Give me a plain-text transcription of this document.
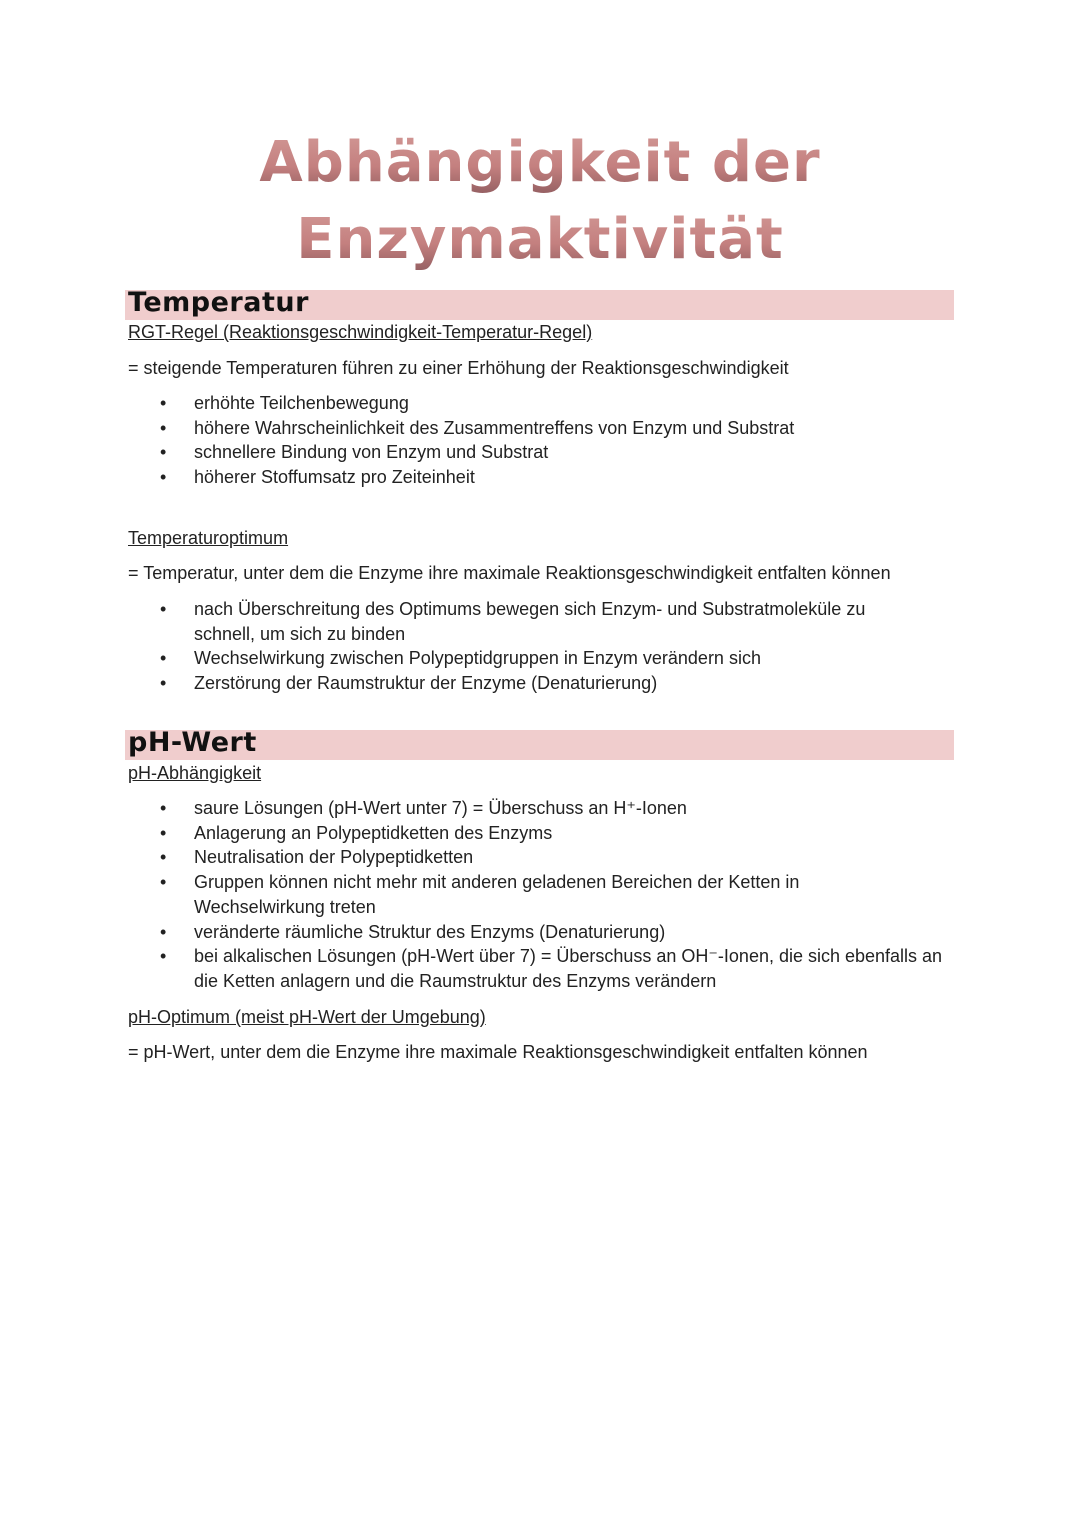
Abhängigkeit der
Enzymaktivität
Temperatur
RGT-Regel (Reaktionsgeschwindigkeit-Temperatur-Regel)
= steigende Temperaturen führen zu einer Erhöhung der Reaktionsgeschwindigkeit
• erhöhte Teilchenbewegung
• höhere Wahrscheinlichkeit des Zusammentreffens von Enzym und Substrat
• schnellere Bindung von Enzym und Substrat
• höherer Stoffumsatz pro Zeiteinheit
Temperaturoptimum
= Temperatur, unter dem die Enzyme ihre maximale Reaktionsgeschwindigkeit entfalten können
• nach Überschreitung des Optimums bewegen sich Enzym- und Substratmoleküle zu schnell, um sich zu binden
• Wechselwirkung zwischen Polypeptidgruppen in Enzym verändern sich
• Zerstörung der Raumstruktur der Enzyme (Denaturierung)
pH-Wert
pH-Abhängigkeit
• saure Lösungen (pH-Wert unter 7) = Überschuss an H⁺-Ionen
• Anlagerung an Polypeptidketten des Enzyms
• Neutralisation der Polypeptidketten
• Gruppen können nicht mehr mit anderen geladenen Bereichen der Ketten in Wechselwirkung treten
• veränderte räumliche Struktur des Enzyms (Denaturierung)
• bei alkalischen Lösungen (pH-Wert über 7) = Überschuss an OH⁻-Ionen, die sich ebenfalls an die Ketten anlagern und die Raumstruktur des Enzyms verändern
pH-Optimum (meist pH-Wert der Umgebung)
= pH-Wert, unter dem die Enzyme ihre maximale Reaktionsgeschwindigkeit entfalten können
